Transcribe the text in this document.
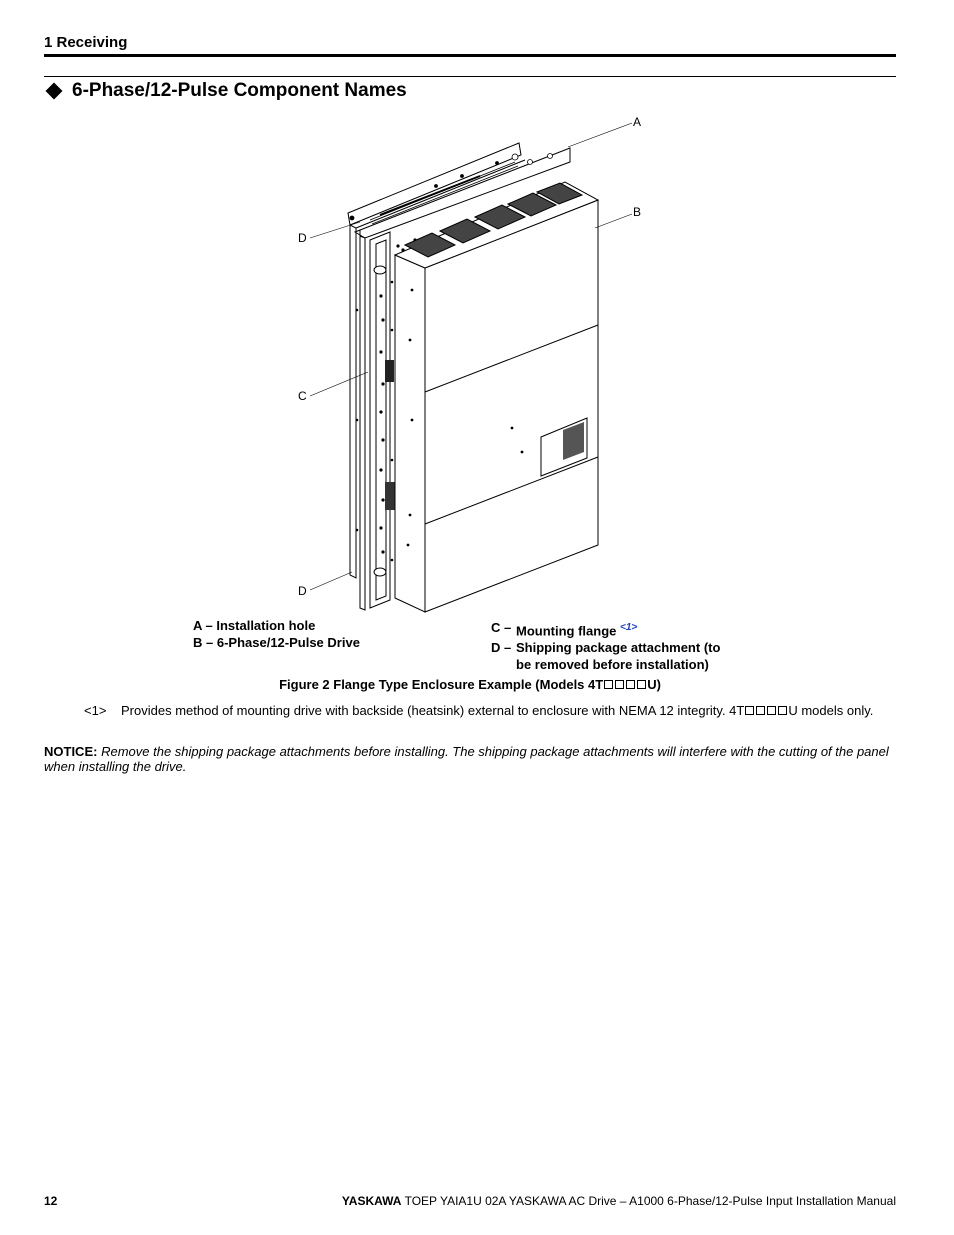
1 Receiving
6-Phase/12-Pulse Component Names
A
B
D
C
D
A – Installation hole
B – 6-Phase/12-Pulse Drive
C – Mounting flange $^{<1>}$
D – Shipping package attachment (to
be removed before installation)
Figure 2 Flange Type Enclosure Example (Models 4T	U)
<1>	Provides method of mounting drive with backside (heatsink) external to enclosure with NEMA 12 integrity. 4T	U models only.
NOTICE: Remove the shipping package attachments before installing. The shipping package attachments will interfere with the cutting of the panel when installing the drive.
12	YASKAWA TOEP YAIA1U 02A YASKAWA AC Drive – A1000 6-Phase/12-Pulse Input Installation Manual
